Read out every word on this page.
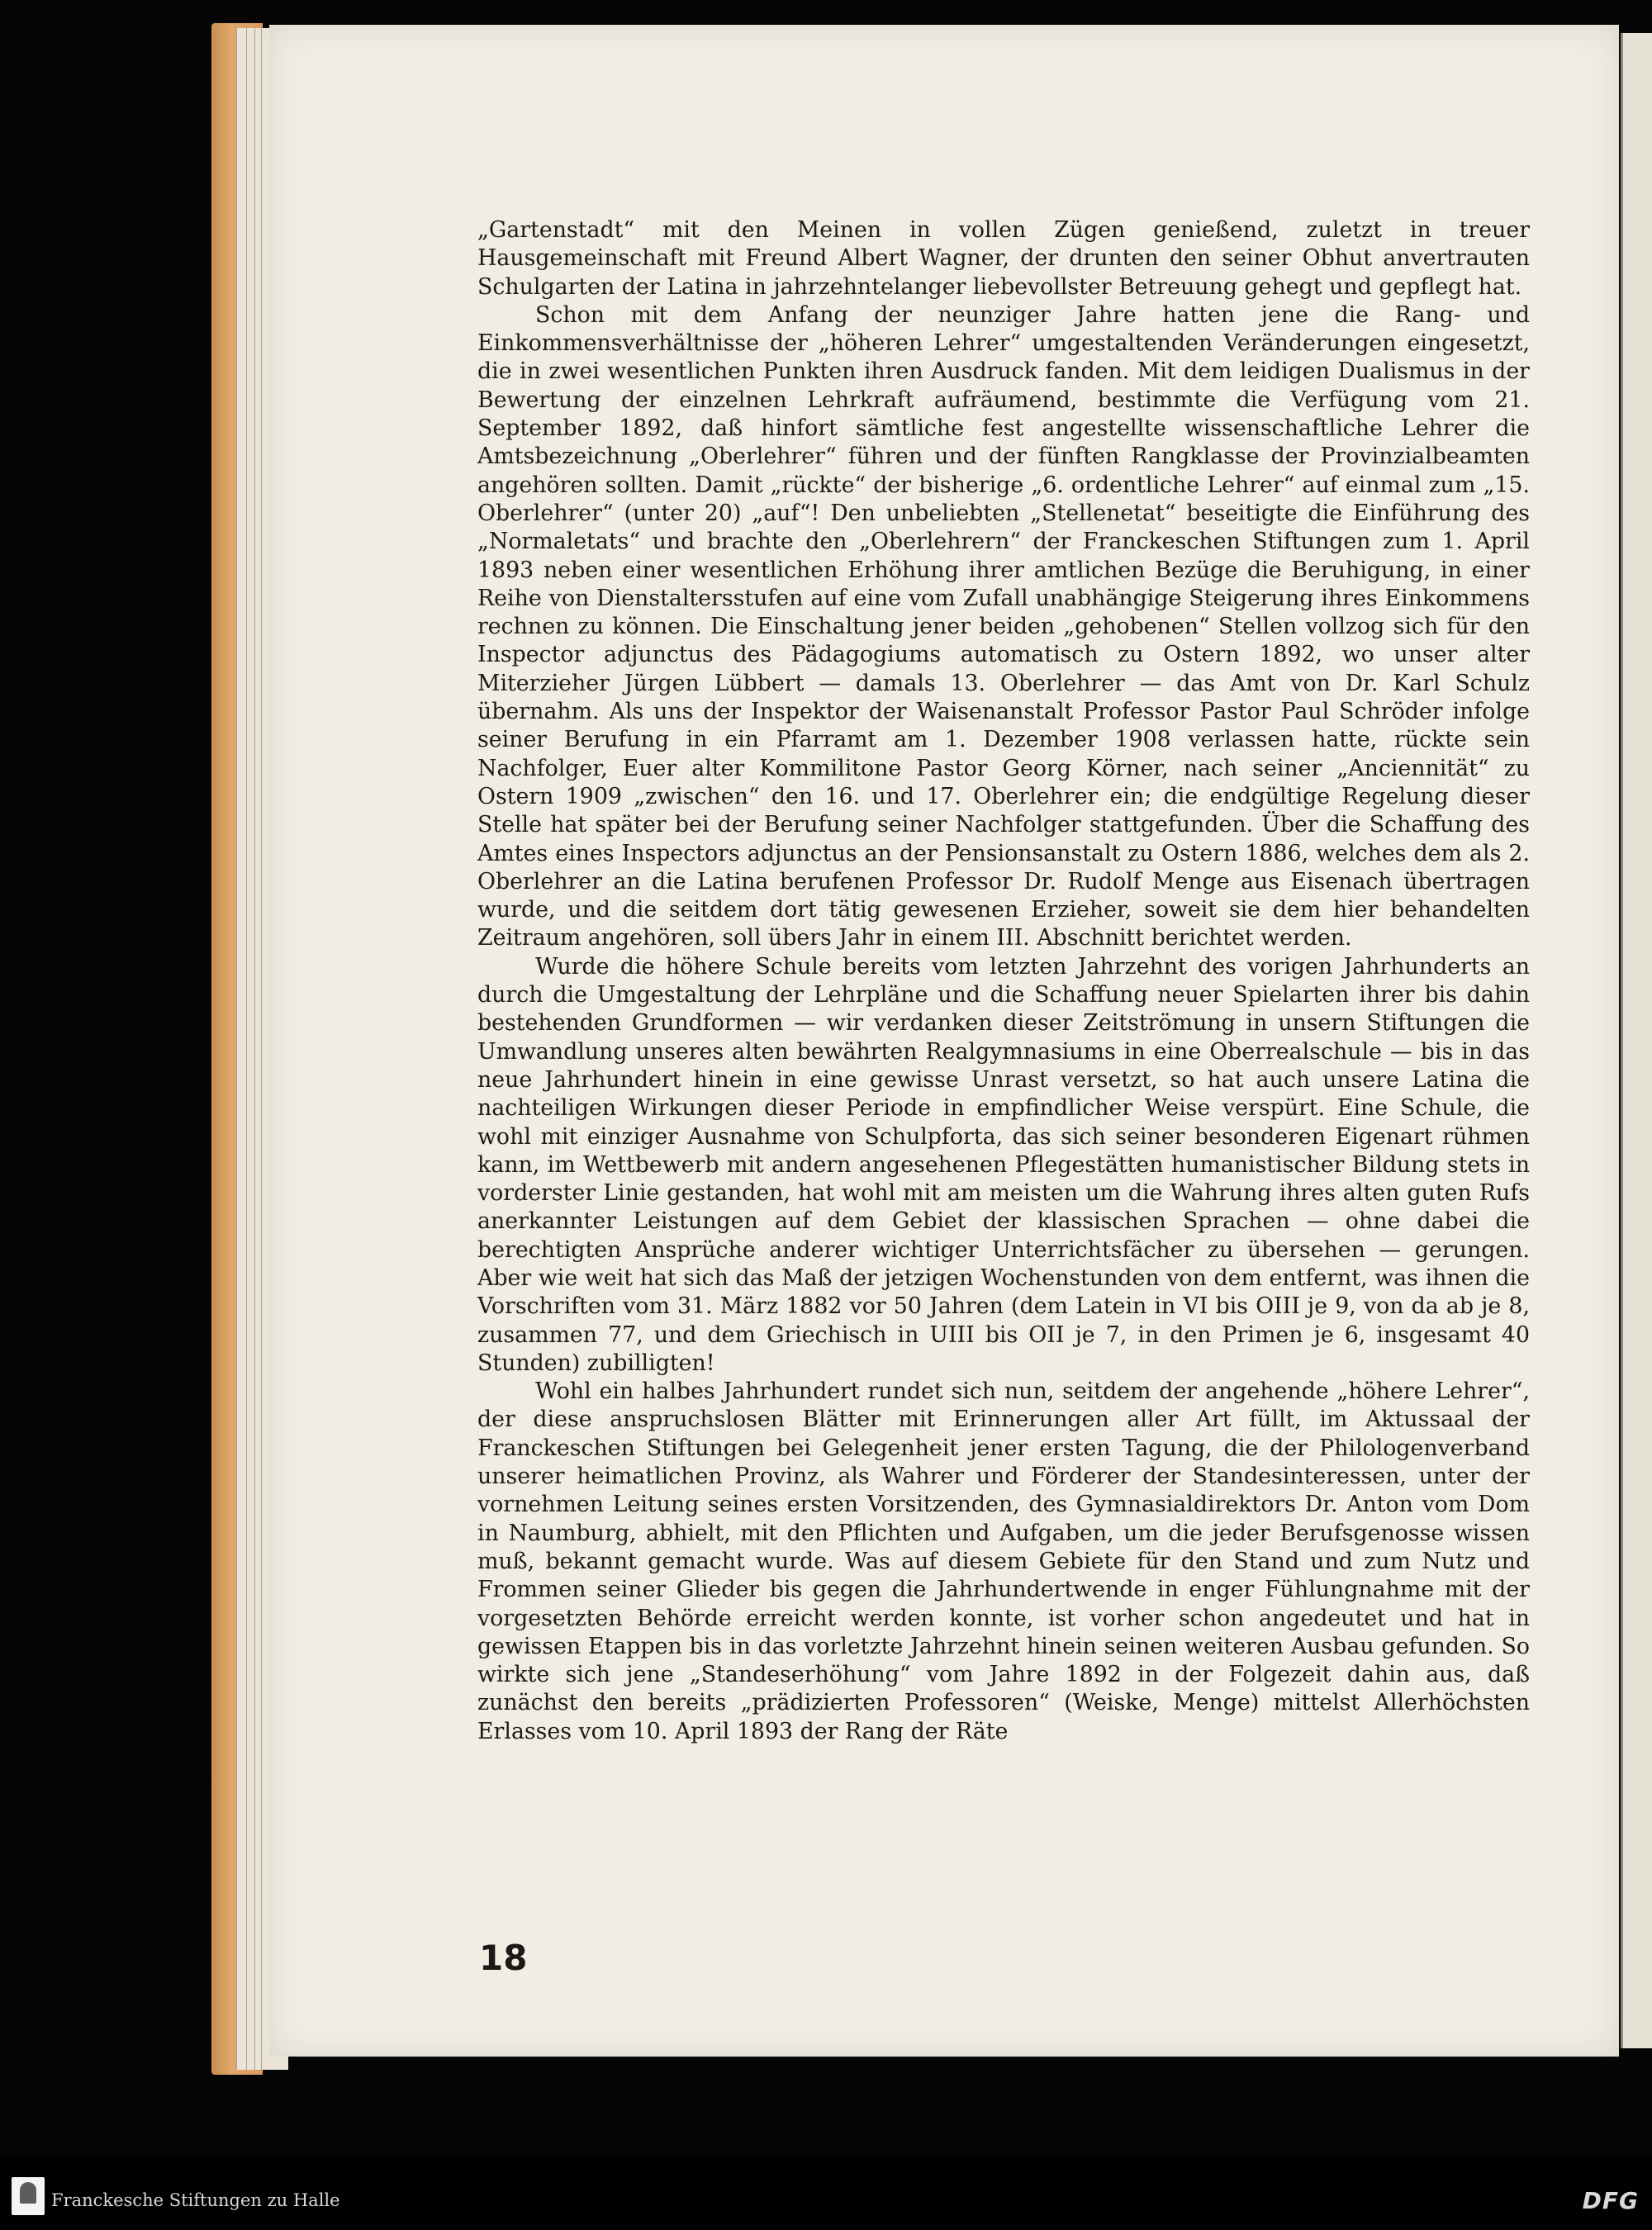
„Gartenstadt“ mit den Meinen in vollen Zügen genießend, zuletzt in treuer Hausgemeinschaft mit Freund Albert Wagner, der drunten den seiner Obhut anvertrauten Schulgarten der Latina in jahrzehntelanger liebevollster Betreuung gehegt und gepflegt hat.

Schon mit dem Anfang der neunziger Jahre hatten jene die Rang- und Einkommensverhältnisse der „höheren Lehrer“ umgestaltenden Veränderungen eingesetzt, die in zwei wesentlichen Punkten ihren Ausdruck fanden. Mit dem leidigen Dualismus in der Bewertung der einzelnen Lehrkraft aufräumend, bestimmte die Verfügung vom 21. September 1892, daß hinfort sämtliche fest angestellte wissenschaftliche Lehrer die Amtsbezeichnung „Oberlehrer“ führen und der fünften Rangklasse der Provinzialbeamten angehören sollten. Damit „rückte“ der bisherige „6. ordentliche Lehrer“ auf einmal zum „15. Oberlehrer“ (unter 20) „auf“! Den unbeliebten „Stellenetat“ beseitigte die Einführung des „Normaletats“ und brachte den „Oberlehrern“ der Franckeschen Stiftungen zum 1. April 1893 neben einer wesentlichen Erhöhung ihrer amtlichen Bezüge die Beruhigung, in einer Reihe von Dienstaltersstufen auf eine vom Zufall unabhängige Steigerung ihres Einkommens rechnen zu können. Die Einschaltung jener beiden „gehobenen“ Stellen vollzog sich für den Inspector adjunctus des Pädagogiums automatisch zu Ostern 1892, wo unser alter Miterzieher Jürgen Lübbert — damals 13. Oberlehrer — das Amt von Dr. Karl Schulz übernahm. Als uns der Inspektor der Waisenanstalt Professor Pastor Paul Schröder infolge seiner Berufung in ein Pfarramt am 1. Dezember 1908 verlassen hatte, rückte sein Nachfolger, Euer alter Kommilitone Pastor Georg Körner, nach seiner „Anciennität“ zu Ostern 1909 „zwischen“ den 16. und 17. Oberlehrer ein; die endgültige Regelung dieser Stelle hat später bei der Berufung seiner Nachfolger stattgefunden. Über die Schaffung des Amtes eines Inspectors adjunctus an der Pensionsanstalt zu Ostern 1886, welches dem als 2. Oberlehrer an die Latina berufenen Professor Dr. Rudolf Menge aus Eisenach übertragen wurde, und die seitdem dort tätig gewesenen Erzieher, soweit sie dem hier behandelten Zeitraum angehören, soll übers Jahr in einem III. Abschnitt berichtet werden.

Wurde die höhere Schule bereits vom letzten Jahrzehnt des vorigen Jahrhunderts an durch die Umgestaltung der Lehrpläne und die Schaffung neuer Spielarten ihrer bis dahin bestehenden Grundformen — wir verdanken dieser Zeitströmung in unsern Stiftungen die Umwandlung unseres alten bewährten Realgymnasiums in eine Oberrealschule — bis in das neue Jahrhundert hinein in eine gewisse Unrast versetzt, so hat auch unsere Latina die nachteiligen Wirkungen dieser Periode in empfindlicher Weise verspürt. Eine Schule, die wohl mit einziger Ausnahme von Schulpforta, das sich seiner besonderen Eigenart rühmen kann, im Wettbewerb mit andern angesehenen Pflegestätten humanistischer Bildung stets in vorderster Linie gestanden, hat wohl mit am meisten um die Wahrung ihres alten guten Rufs anerkannter Leistungen auf dem Gebiet der klassischen Sprachen — ohne dabei die berechtigten Ansprüche anderer wichtiger Unterrichtsfächer zu übersehen — gerungen. Aber wie weit hat sich das Maß der jetzigen Wochenstunden von dem entfernt, was ihnen die Vorschriften vom 31. März 1882 vor 50 Jahren (dem Latein in VI bis OIII je 9, von da ab je 8, zusammen 77, und dem Griechisch in UIII bis OII je 7, in den Primen je 6, insgesamt 40 Stunden) zubilligten!

Wohl ein halbes Jahrhundert rundet sich nun, seitdem der angehende „höhere Lehrer“, der diese anspruchslosen Blätter mit Erinnerungen aller Art füllt, im Aktussaal der Franckeschen Stiftungen bei Gelegenheit jener ersten Tagung, die der Philologenverband unserer heimatlichen Provinz, als Wahrer und Förderer der Standesinteressen, unter der vornehmen Leitung seines ersten Vorsitzenden, des Gymnasialdirektors Dr. Anton vom Dom in Naumburg, abhielt, mit den Pflichten und Aufgaben, um die jeder Berufsgenosse wissen muß, bekannt gemacht wurde. Was auf diesem Gebiete für den Stand und zum Nutz und Frommen seiner Glieder bis gegen die Jahrhundertwende in enger Fühlungnahme mit der vorgesetzten Behörde erreicht werden konnte, ist vorher schon angedeutet und hat in gewissen Etappen bis in das vorletzte Jahrzehnt hinein seinen weiteren Ausbau gefunden. So wirkte sich jene „Standeserhöhung“ vom Jahre 1892 in der Folgezeit dahin aus, daß zunächst den bereits „prädizierten Professoren“ (Weiske, Menge) mittelst Allerhöchsten Erlasses vom 10. April 1893 der Rang der Räte

18
Franckesche Stiftungen zu Halle	DFG
